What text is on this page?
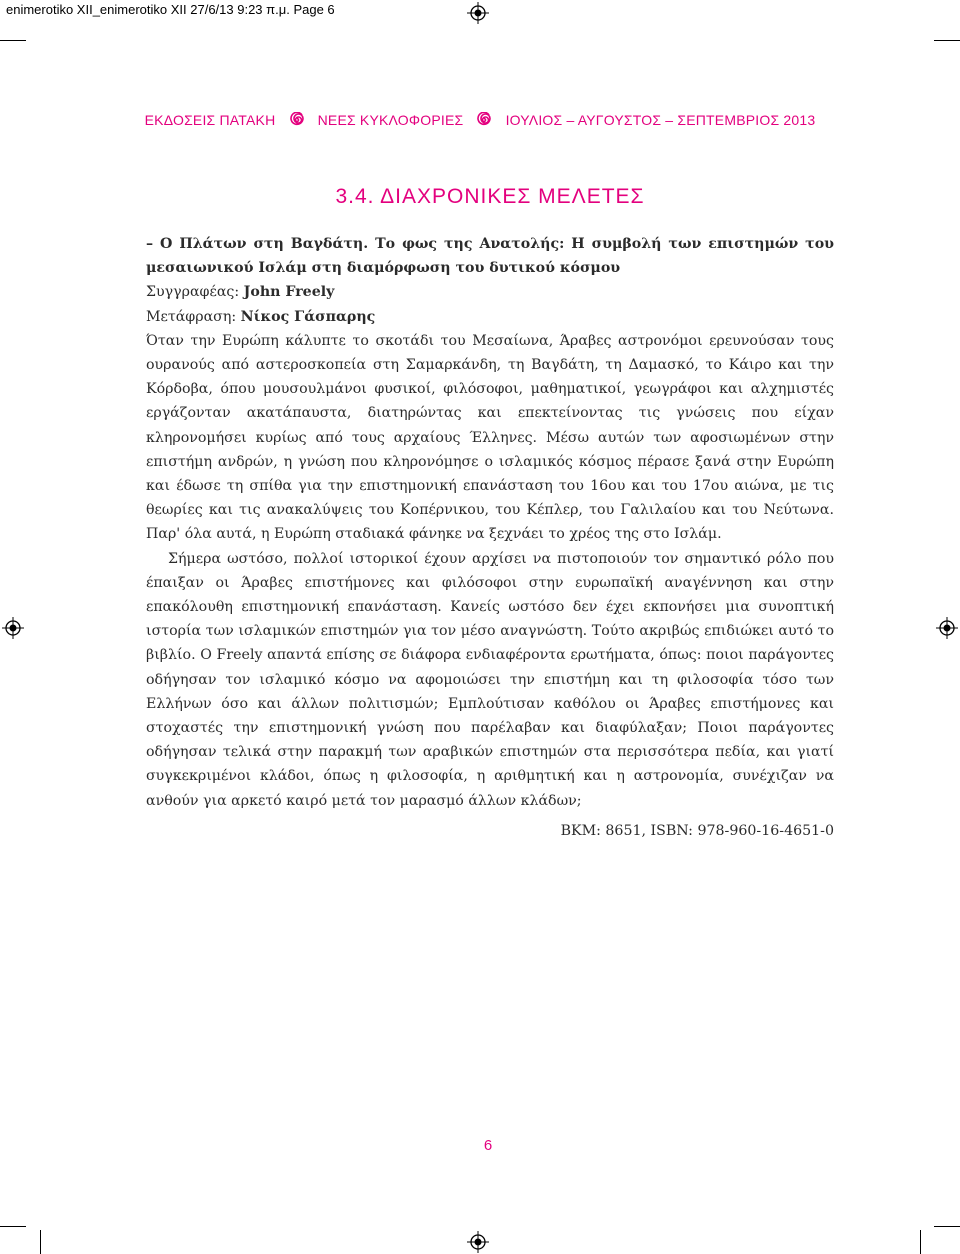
enimerotiko XII_enimerotiko XII 27/6/13 9:23 π.μ. Page 6
ΕΚΔΟΣΕΙΣ ΠΑΤΑΚΗ	ΝΕΕΣ ΚΥΚΛΟΦΟΡΙΕΣ	ΙΟΥΛΙΟΣ – ΑΥΓΟΥΣΤΟΣ – ΣΕΠΤΕΜΒΡΙΟΣ 2013
3.4. ΔΙΑΧΡΟΝΙΚΕΣ ΜΕΛΕΤΕΣ

– Ο Πλάτων στη Βαγδάτη. Το φως της Ανατολής: Η συμβολή των επιστημών του μεσαιωνικού Ισλάμ στη διαμόρφωση του δυτικού κόσμου

Συγγραφέας: John Freely

Μετάφραση: Νίκος Γάσπαρης

Όταν την Ευρώπη κάλυπτε το σκοτάδι του Μεσαίωνα, Άραβες αστρονόμοι ερευνούσαν τους ουρανούς από αστεροσκοπεία στη Σαμαρκάνδη, τη Βαγδάτη, τη Δαμασκό, το Κάιρο και την Κόρδοβα, όπου μουσουλμάνοι φυσικοί, φιλόσοφοι, μαθηματικοί, γεωγράφοι και αλχημιστές εργάζονταν ακατάπαυστα, διατηρώντας και επεκτείνοντας τις γνώσεις που είχαν κληρονομήσει κυρίως από τους αρχαίους Έλληνες. Μέσω αυτών των αφοσιωμένων στην επιστήμη ανδρών, η γνώση που κληρονόμησε ο ισλαμικός κόσμος πέρασε ξανά στην Ευρώπη και έδωσε τη σπίθα για την επιστημονική επανάσταση του 16ου και του 17ου αιώνα, με τις θεωρίες και τις ανακαλύψεις του Κοπέρνικου, του Κέπλερ, του Γαλιλαίου και του Νεύτωνα. Παρ' όλα αυτά, η Ευρώπη σταδιακά φάνηκε να ξεχνάει το χρέος της στο Ισλάμ.

Σήμερα ωστόσο, πολλοί ιστορικοί έχουν αρχίσει να πιστοποιούν τον σημαντικό ρόλο που έπαιξαν οι Άραβες επιστήμονες και φιλόσοφοι στην ευρωπαϊκή αναγέννηση και στην επακόλουθη επιστημονική επανάσταση. Κανείς ωστόσο δεν έχει εκπονήσει μια συνοπτική ιστορία των ισλαμικών επιστημών για τον μέσο αναγνώστη. Τούτο ακριβώς επιδιώκει αυτό το βιβλίο. Ο Freely απαντά επίσης σε διάφορα ενδιαφέροντα ερωτήματα, όπως: ποιοι παράγοντες οδήγησαν τον ισλαμικό κόσμο να αφομοιώσει την επιστήμη και τη φιλοσοφία τόσο των Ελλήνων όσο και άλλων πολιτισμών; Εμπλούτισαν καθόλου οι Άραβες επιστήμονες και στοχαστές την επιστημονική γνώση που παρέλαβαν και διαφύλαξαν; Ποιοι παράγοντες οδήγησαν τελικά στην παρακμή των αραβικών επιστημών στα περισσότερα πεδία, και γιατί συγκεκριμένοι κλάδοι, όπως η φιλοσοφία, η αριθμητική και η αστρονομία, συνέχιζαν να ανθούν για αρκετό καιρό μετά τον μαρασμό άλλων κλάδων;

ΒΚΜ: 8651, ISBN: 978-960-16-4651-0

6
